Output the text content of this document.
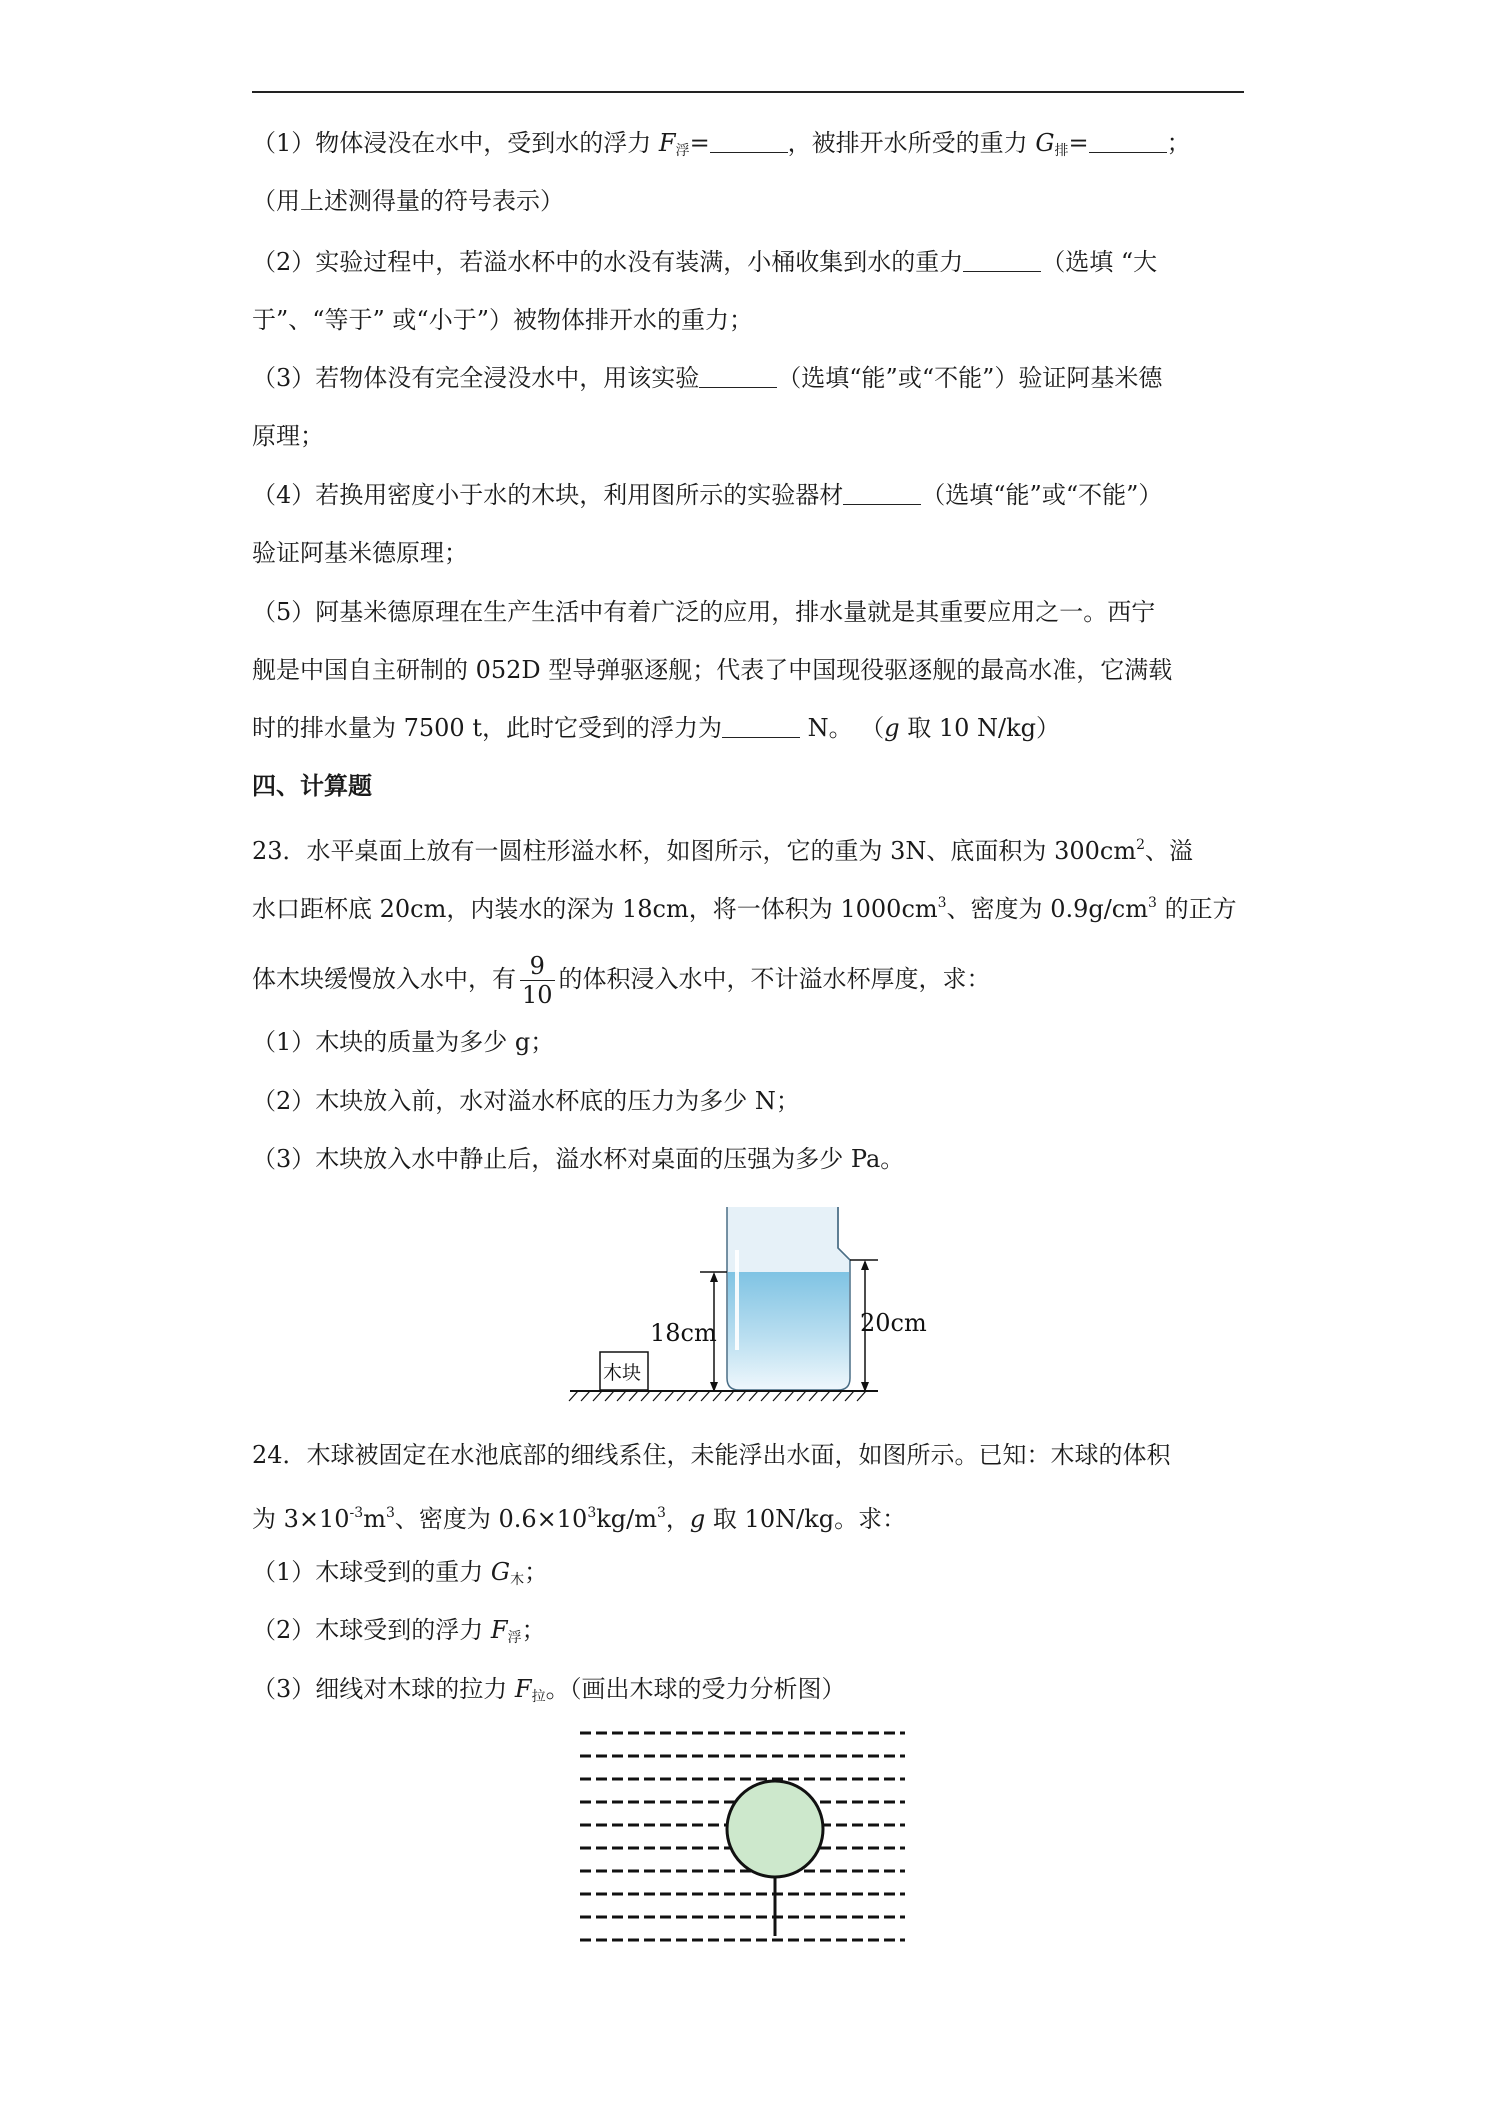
（1）物体浸没在水中，受到水的浮力 $F_浮=$	，被排开水所受的重力 $G_排=$	；
（用上述测得量的符号表示）
（2）实验过程中，若溢水杯中的水没有装满，小桶收集到水的重力	（选填 “大
于”、“等于” 或“小于”）被物体排开水的重力；
（3）若物体没有完全浸没水中，用该实验	（选填“能”或“不能”）验证阿基米德
原理；
（4）若换用密度小于水的木块，利用图所示的实验器材	（选填“能”或“不能”）
验证阿基米德原理；
（5）阿基米德原理在生产生活中有着广泛的应用，排水量就是其重要应用之一。西宁
舰是中国自主研制的 052D 型导弹驱逐舰；代表了中国现役驱逐舰的最高水准，它满载
时的排水量为 7500 t，此时它受到的浮力为	N。 （g 取 10 N/kg）
四、计算题
23．水平桌面上放有一圆柱形溢水杯，如图所示，它的重为 3N、底面积为 $300cm^2$、溢
水口距杯底 20cm，内装水的深为 18cm，将一体积为 $1000cm^3$、密度为 $0.9g/cm^3$ 的正方
体木块缓慢放入水中，有 $\frac{9}{10}$ 的体积浸入水中，不计溢水杯厚度，求：
（1）木块的质量为多少 g；
（2）木块放入前，水对溢水杯底的压力为多少 N；
（3）木块放入水中静止后，溢水杯对桌面的压强为多少 Pa。
18cm	20cm
木块
24．木球被固定在水池底部的细线系住，未能浮出水面，如图所示。已知：木球的体积
为 $3\times 10^{-3}m^3$、密度为 $0.6\times 10^3kg/m^3$，g 取 10N/kg。求：
（1）木球受到的重力 $G_木$；
（2）木球受到的浮力 $F_浮$；
（3）细线对木球的拉力 $F_拉$。（画出木球的受力分析图）
